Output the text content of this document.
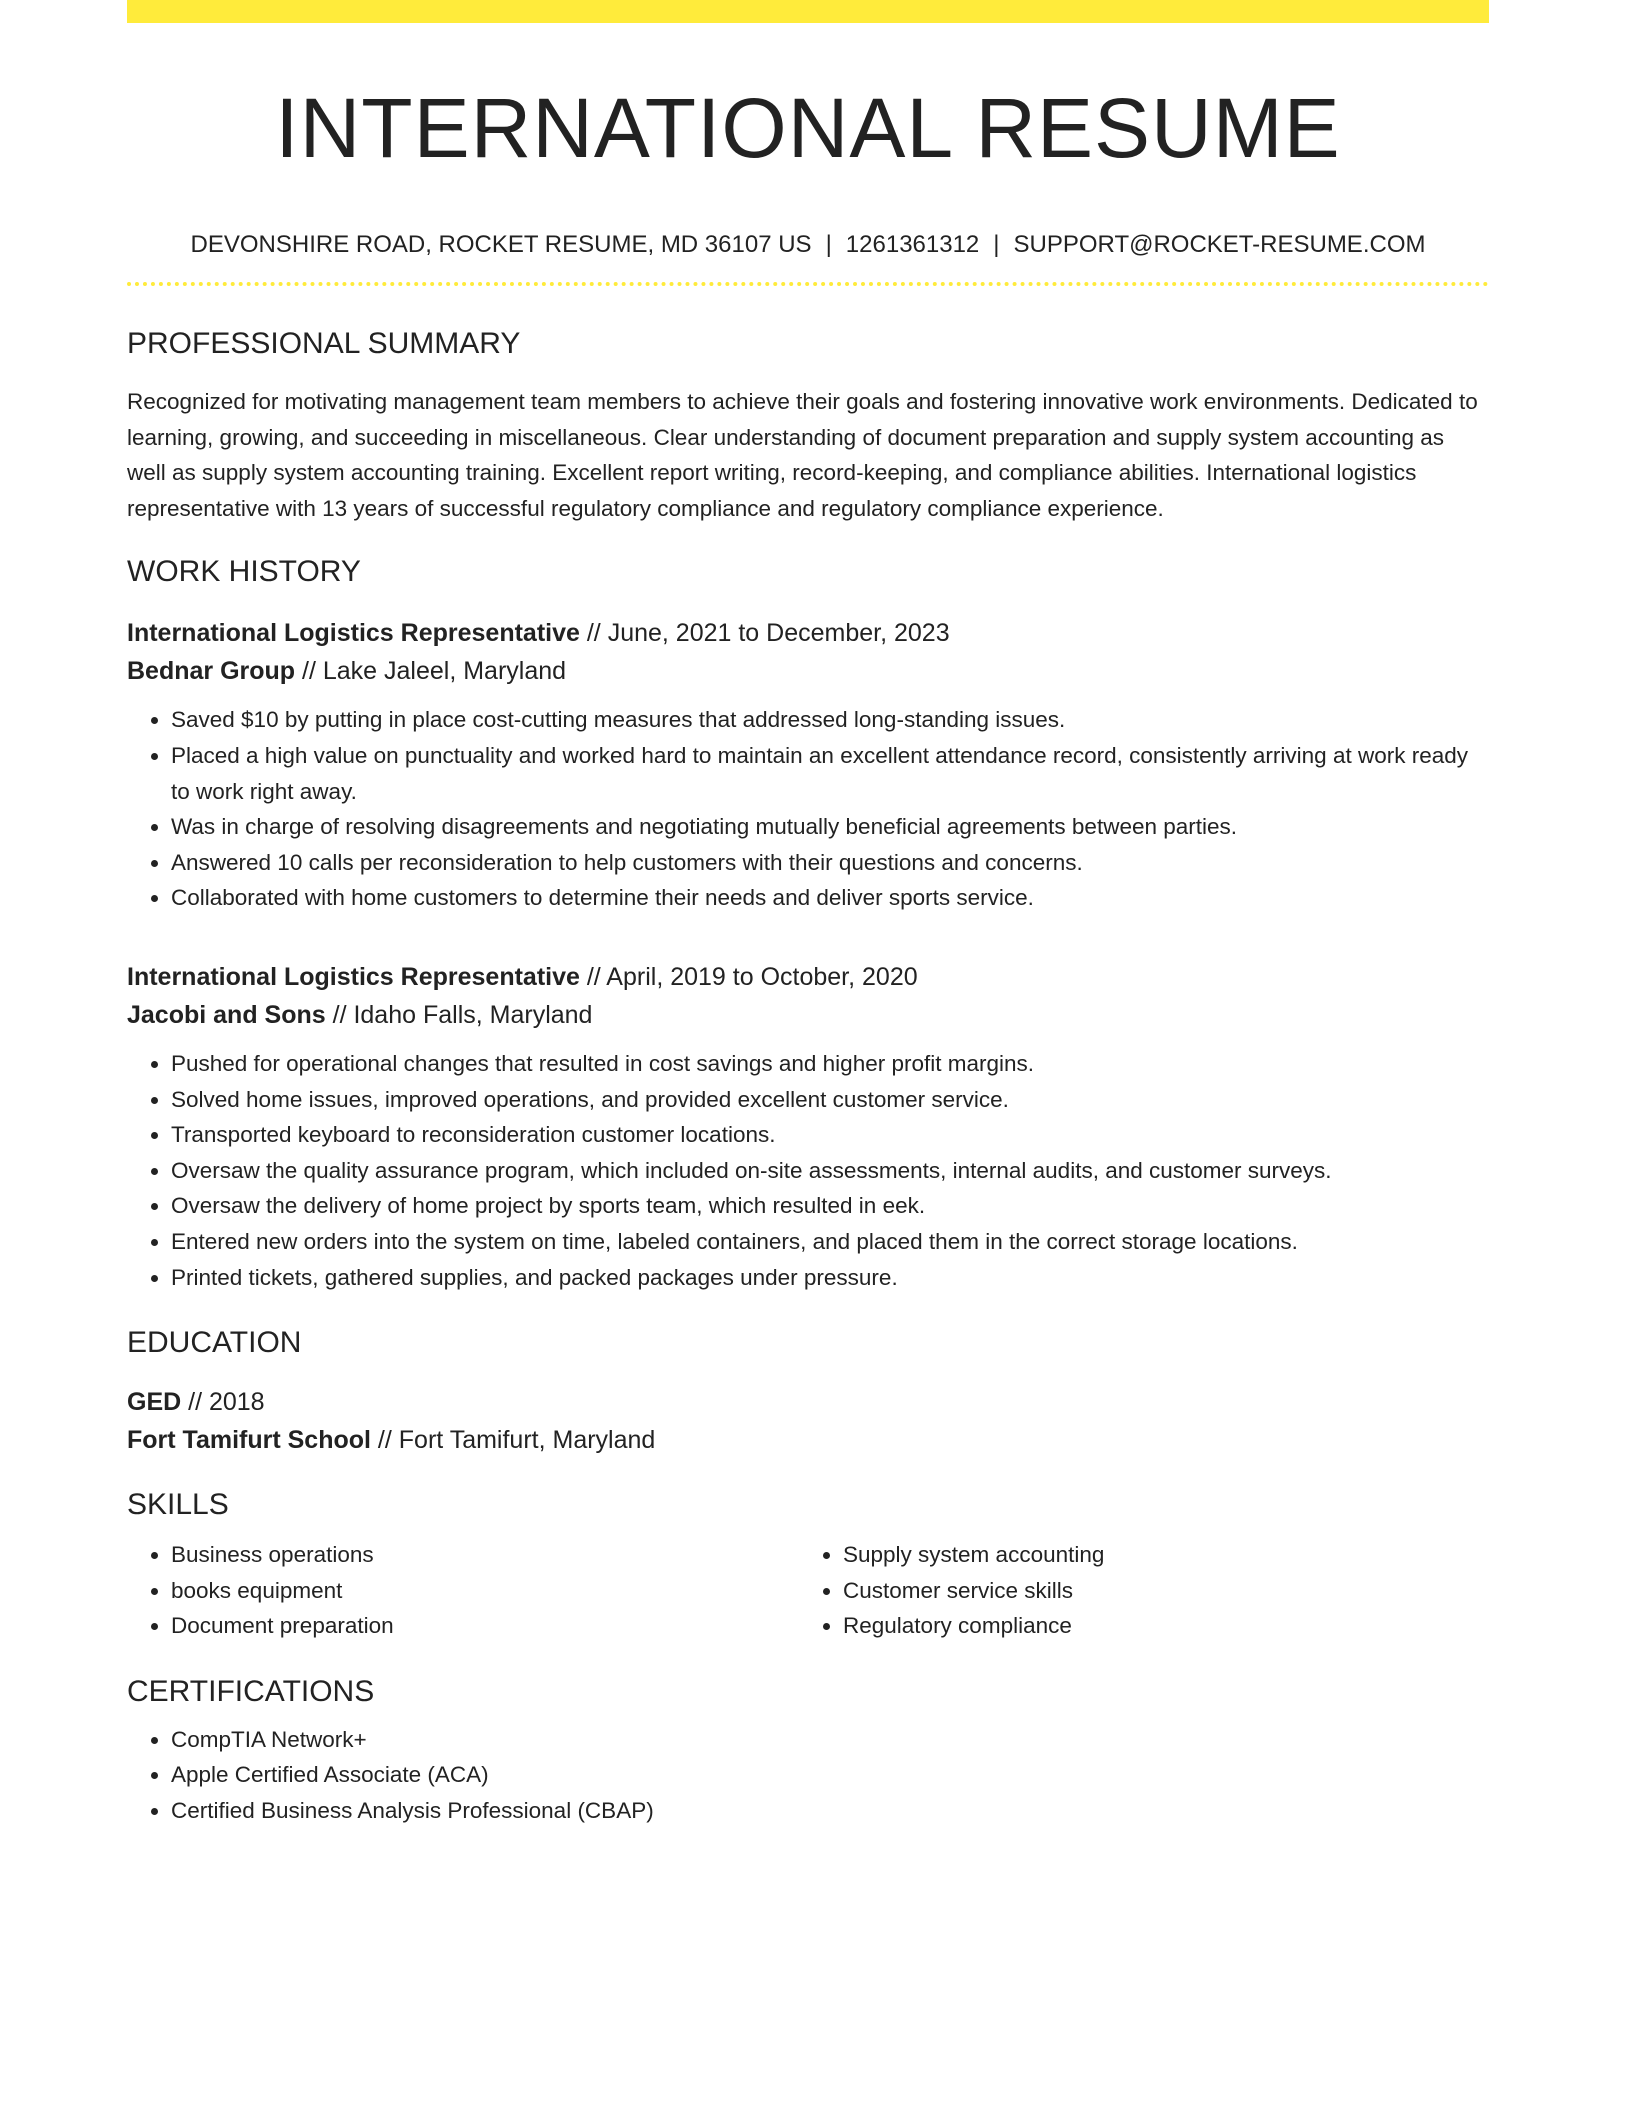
INTERNATIONAL RESUME
DEVONSHIRE ROAD, ROCKET RESUME, MD 36107 US | 1261361312 | SUPPORT@ROCKET-RESUME.COM
PROFESSIONAL SUMMARY
Recognized for motivating management team members to achieve their goals and fostering innovative work environments. Dedicated to learning, growing, and succeeding in miscellaneous. Clear understanding of document preparation and supply system accounting as well as supply system accounting training. Excellent report writing, record-keeping, and compliance abilities. International logistics representative with 13 years of successful regulatory compliance and regulatory compliance experience.
WORK HISTORY
International Logistics Representative // June, 2021 to December, 2023
Bednar Group // Lake Jaleel, Maryland
• Saved $10 by putting in place cost-cutting measures that addressed long-standing issues.
• Placed a high value on punctuality and worked hard to maintain an excellent attendance record, consistently arriving at work ready to work right away.
• Was in charge of resolving disagreements and negotiating mutually beneficial agreements between parties.
• Answered 10 calls per reconsideration to help customers with their questions and concerns.
• Collaborated with home customers to determine their needs and deliver sports service.
International Logistics Representative // April, 2019 to October, 2020
Jacobi and Sons // Idaho Falls, Maryland
• Pushed for operational changes that resulted in cost savings and higher profit margins.
• Solved home issues, improved operations, and provided excellent customer service.
• Transported keyboard to reconsideration customer locations.
• Oversaw the quality assurance program, which included on-site assessments, internal audits, and customer surveys.
• Oversaw the delivery of home project by sports team, which resulted in eek.
• Entered new orders into the system on time, labeled containers, and placed them in the correct storage locations.
• Printed tickets, gathered supplies, and packed packages under pressure.
EDUCATION
GED // 2018
Fort Tamifurt School // Fort Tamifurt, Maryland
SKILLS
• Business operations
• books equipment
• Document preparation
• Supply system accounting
• Customer service skills
• Regulatory compliance
CERTIFICATIONS
• CompTIA Network+
• Apple Certified Associate (ACA)
• Certified Business Analysis Professional (CBAP)
